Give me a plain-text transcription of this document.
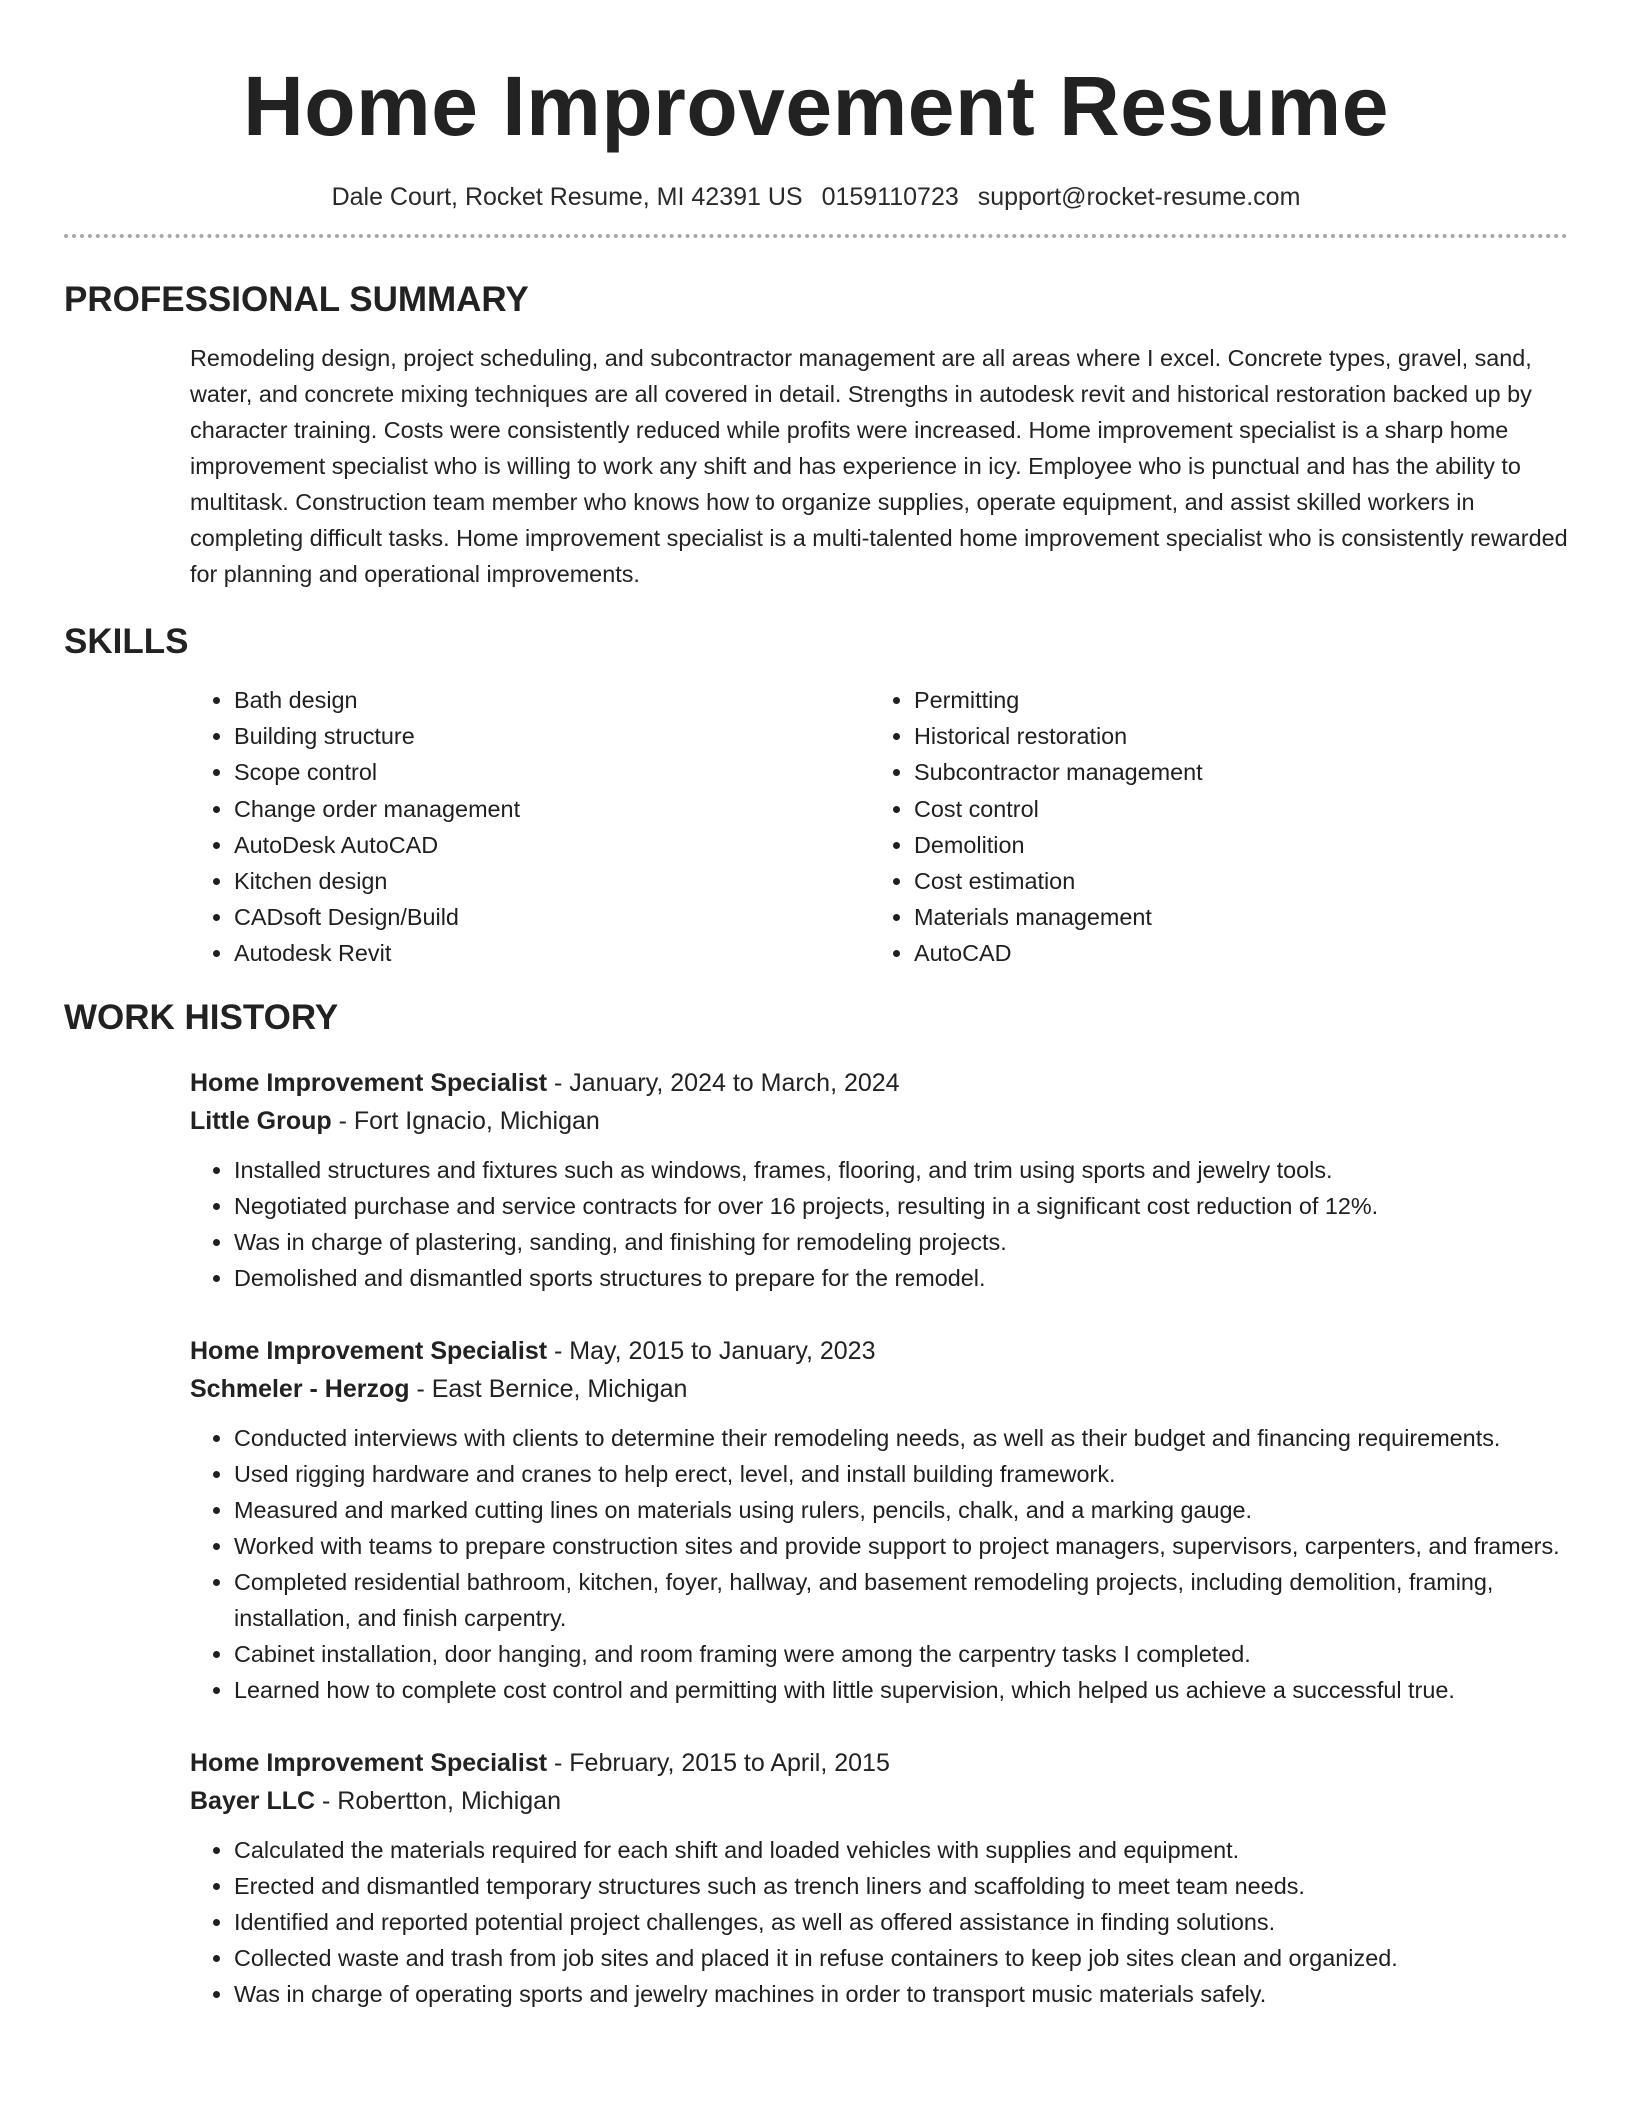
Home Improvement Resume
Dale Court, Rocket Resume, MI 42391 US 0159110723 support@rocket-resume.com
PROFESSIONAL SUMMARY

Remodeling design, project scheduling, and subcontractor management are all areas where I excel. Concrete types, gravel, sand, water, and concrete mixing techniques are all covered in detail. Strengths in autodesk revit and historical restoration backed up by character training. Costs were consistently reduced while profits were increased. Home improvement specialist is a sharp home improvement specialist who is willing to work any shift and has experience in icy. Employee who is punctual and has the ability to multitask. Construction team member who knows how to organize supplies, operate equipment, and assist skilled workers in completing difficult tasks. Home improvement specialist is a multi-talented home improvement specialist who is consistently rewarded for planning and operational improvements.

SKILLS
• Bath design
• Building structure
• Scope control
• Change order management
• AutoDesk AutoCAD
• Kitchen design
• CADsoft Design/Build
• Autodesk Revit
• Permitting
• Historical restoration
• Subcontractor management
• Cost control
• Demolition
• Cost estimation
• Materials management
• AutoCAD
WORK HISTORY
Home Improvement Specialist - January, 2024 to March, 2024
Little Group - Fort Ignacio, Michigan
• Installed structures and fixtures such as windows, frames, flooring, and trim using sports and jewelry tools.
• Negotiated purchase and service contracts for over 16 projects, resulting in a significant cost reduction of 12%.
• Was in charge of plastering, sanding, and finishing for remodeling projects.
• Demolished and dismantled sports structures to prepare for the remodel.
Home Improvement Specialist - May, 2015 to January, 2023
Schmeler - Herzog - East Bernice, Michigan
• Conducted interviews with clients to determine their remodeling needs, as well as their budget and financing requirements.
• Used rigging hardware and cranes to help erect, level, and install building framework.
• Measured and marked cutting lines on materials using rulers, pencils, chalk, and a marking gauge.
• Worked with teams to prepare construction sites and provide support to project managers, supervisors, carpenters, and framers.
• Completed residential bathroom, kitchen, foyer, hallway, and basement remodeling projects, including demolition, framing, installation, and finish carpentry.
• Cabinet installation, door hanging, and room framing were among the carpentry tasks I completed.
• Learned how to complete cost control and permitting with little supervision, which helped us achieve a successful true.
Home Improvement Specialist - February, 2015 to April, 2015
Bayer LLC - Robertton, Michigan
• Calculated the materials required for each shift and loaded vehicles with supplies and equipment.
• Erected and dismantled temporary structures such as trench liners and scaffolding to meet team needs.
• Identified and reported potential project challenges, as well as offered assistance in finding solutions.
• Collected waste and trash from job sites and placed it in refuse containers to keep job sites clean and organized.
• Was in charge of operating sports and jewelry machines in order to transport music materials safely.
